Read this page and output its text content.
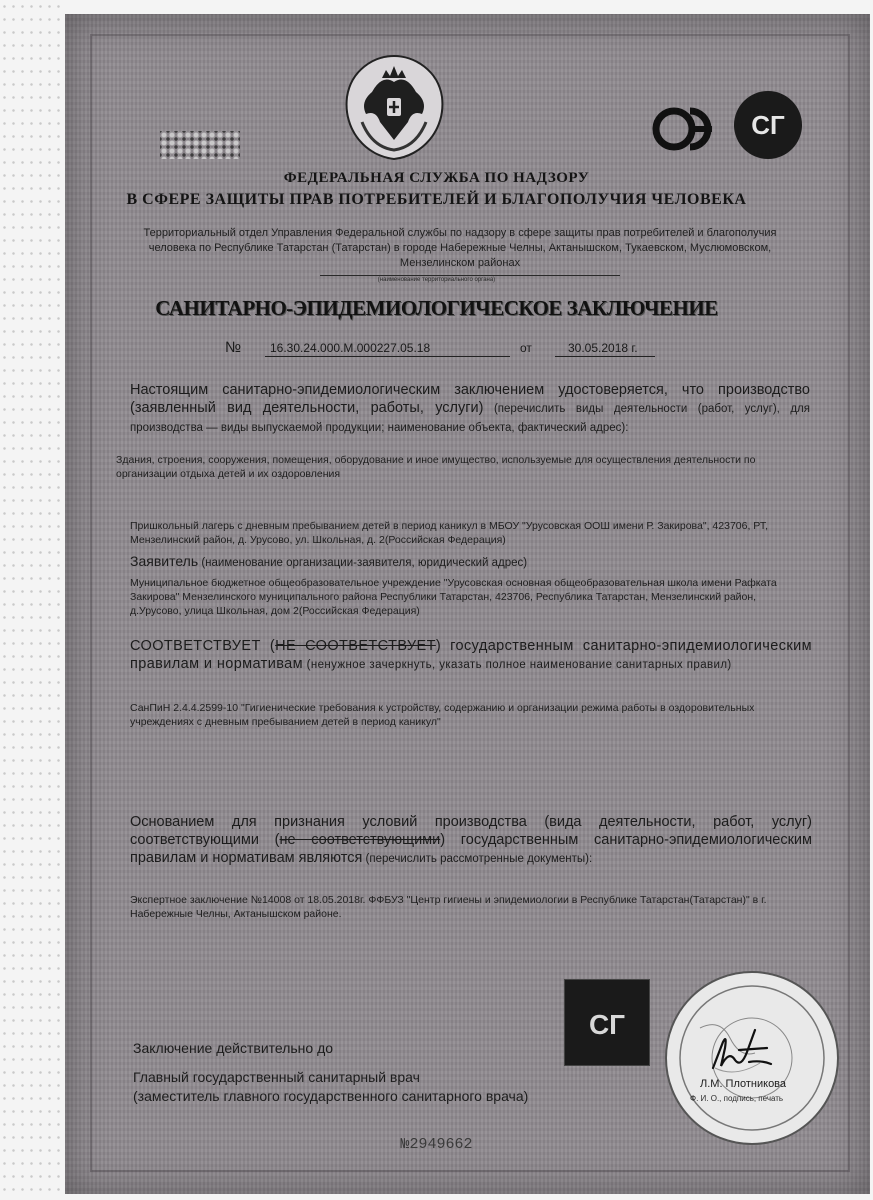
СГ
ФЕДЕРАЛЬНАЯ СЛУЖБА ПО НАДЗОРУ
В СФЕРЕ ЗАЩИТЫ ПРАВ ПОТРЕБИТЕЛЕЙ И БЛАГОПОЛУЧИЯ ЧЕЛОВЕКА
Территориальный отдел Управления Федеральной службы по надзору в сфере защиты прав потребителей и благополучия человека по Республике Татарстан (Татарстан) в городе Набережные Челны, Актанышском, Тукаевском, Муслюмовском, Мензелинском районах
(наименование территориального органа)
САНИТАРНО-ЭПИДЕМИОЛОГИЧЕСКОЕ ЗАКЛЮЧЕНИЕ
№ 16.30.24.000.М.000227.05.18	от	30.05.2018 г.
Настоящим санитарно-эпидемиологическим заключением удостоверяется, что производство (заявленный вид деятельности, работы, услуги) (перечислить виды деятельности (работ, услуг), для производства — виды выпускаемой продукции; наименование объекта, фактический адрес):
Здания, строения, сооружения, помещения, оборудование и иное имущество, используемые для осуществления деятельности по организации отдыха детей и их оздоровления
Пришкольный лагерь с дневным пребыванием детей в период каникул в МБОУ "Урусовская ООШ имени Р. Закирова", 423706, РТ, Мензелинский район, д. Урусово, ул. Школьная, д. 2(Российская Федерация)
Заявитель (наименование организации-заявителя, юридический адрес)
Муниципальное бюджетное общеобразовательное учреждение "Урусовская основная общеобразовательная школа имени Рафката Закирова" Мензелинского муниципального района Республики Татарстан, 423706, Республика Татарстан, Мензелинский район, д.Урусово, улица Школьная, дом 2(Российская Федерация)
СООТВЕТСТВУЕТ (НЕ СООТВЕТСТВУЕТ) государственным санитарно-эпидемиологическим правилам и нормативам (ненужное зачеркнуть, указать полное наименование санитарных правил)
СанПиН 2.4.4.2599-10 "Гигиенические требования к устройству, содержанию и организации режима работы в оздоровительных учреждениях с дневным пребыванием детей в период каникул"
Основанием для признания условий производства (вида деятельности, работ, услуг) соответствующими (не соответствующими) государственным санитарно-эпидемиологическим правилам и нормативам являются (перечислить рассмотренные документы):
Экспертное заключение №14008 от 18.05.2018г. ФФБУЗ "Центр гигиены и эпидемиологии в Республике Татарстан(Татарстан)" в г. Набережные Челны, Актанышском районе.
СГ
Заключение действительно до
Главный государственный санитарный врач
(заместитель главного государственного санитарного врача)
Л.М. Плотникова
Ф. И. О., подпись, печать
№2949662
